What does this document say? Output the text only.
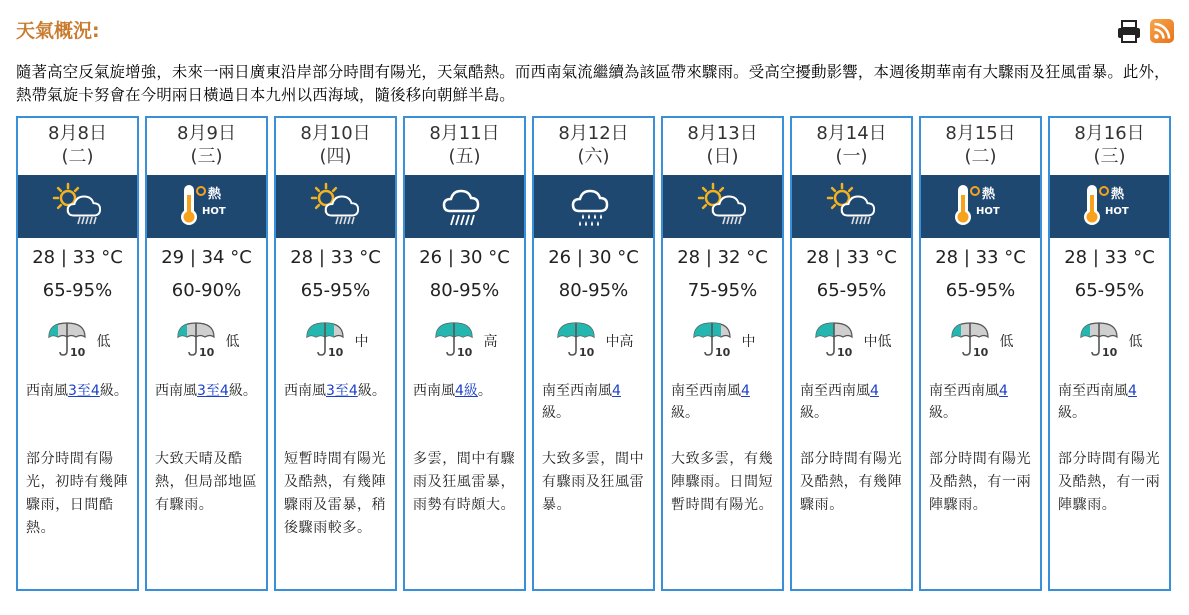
天氣概況:
隨著高空反氣旋增強，未來一兩日廣東沿岸部分時間有陽光，天氣酷熱。而西南氣流繼續為該區帶來驟雨。受高空擾動影響，本週後期華南有大驟雨及狂風雷暴。此外，熱帶氣旋卡努會在今明兩日橫過日本九州以西海域，隨後移向朝鮮半島。
8月8日
(二)
28 | 33 °C
65-95%
10
低
西南風3至4級。
部分時間有陽光，初時有幾陣驟雨，日間酷熱。
8月9日
(三)
熱
HOT
29 | 34 °C
60-90%
10
低
西南風3至4級。
大致天晴及酷熱，但局部地區有驟雨。
8月10日
(四)
28 | 33 °C
65-95%
10
中
西南風3至4級。
短暫時間有陽光及酷熱，有幾陣驟雨及雷暴，稍後驟雨較多。
8月11日
(五)
26 | 30 °C
80-95%
10
高
西南風4級。
多雲，間中有驟雨及狂風雷暴，雨勢有時頗大。
8月12日
(六)
26 | 30 °C
80-95%
10
中高
南至西南風4級。
大致多雲，間中有驟雨及狂風雷暴。
8月13日
(日)
28 | 32 °C
75-95%
10
中
南至西南風4級。
大致多雲，有幾陣驟雨。日間短暫時間有陽光。
8月14日
(一)
28 | 33 °C
65-95%
10
中低
南至西南風4級。
部分時間有陽光及酷熱，有幾陣驟雨。
8月15日
(二)
熱
HOT
28 | 33 °C
65-95%
10
低
南至西南風4級。
部分時間有陽光及酷熱，有一兩陣驟雨。
8月16日
(三)
熱
HOT
28 | 33 °C
65-95%
10
低
南至西南風4級。
部分時間有陽光及酷熱，有一兩陣驟雨。
